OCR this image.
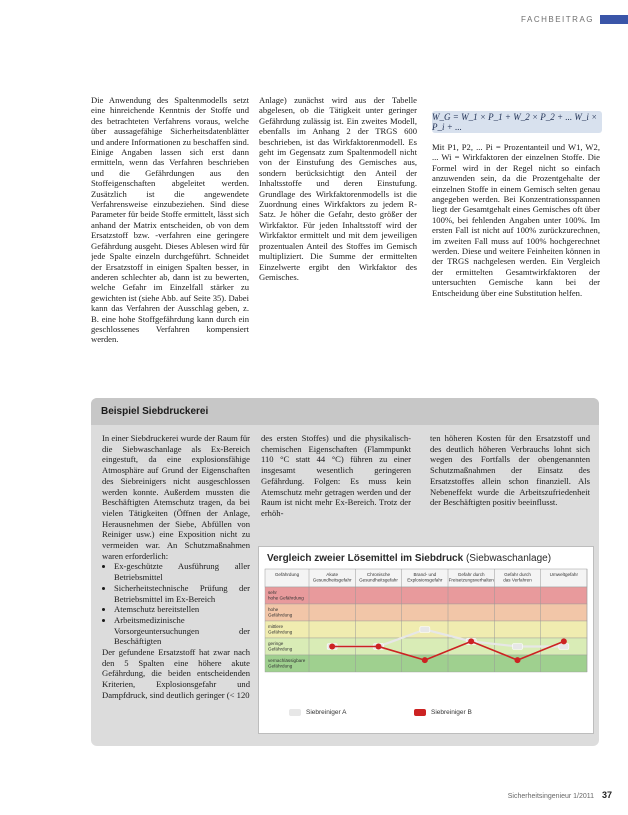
FACHBEITRAG

Die Anwendung des Spaltenmodells setzt eine hinreichende Kenntnis der Stoffe und des betrachteten Verfahrens voraus, welche über aussagefähige Sicherheitsdatenblätter und andere Informationen zu beschaffen sind. Einige Angaben lassen sich erst dann ermitteln, wenn das Verfahren beschrieben und die Gefährdungen aus den Stoffeigenschaften abgeleitet werden. Zusätzlich ist die angewendete Verfahrensweise einzubeziehen. Sind diese Parameter für beide Stoffe ermittelt, lässt sich anhand der Matrix entscheiden, ob von dem Ersatzstoff bzw. -verfahren eine geringere Gefährdung ausgeht. Dieses Ablesen wird für jede Spalte einzeln durchgeführt. Schneidet der Ersatzstoff in einigen Spalten besser, in anderen schlechter ab, dann ist zu bewerten, welche Gefahr im Einzelfall stärker zu gewichten ist (siehe Abb. auf Seite 35). Dabei kann das Verfahren der Ausschlag geben, z. B. eine hohe Stoffgefährdung kann durch ein geschlossenes Verfahren kompensiert werden.

Anlage) zunächst wird aus der Tabelle abgelesen, ob die Tätigkeit unter geringer Gefährdung zulässig ist. Ein zweites Modell, ebenfalls im Anhang 2 der TRGS 600 beschrieben, ist das Wirkfaktorenmodell. Es geht im Gegensatz zum Spaltenmodell nicht von der Einstufung des Gemisches aus, sondern berücksichtigt den Anteil der Inhaltsstoffe und deren Einstufung. Grundlage des Wirkfaktorenmodells ist die Zuordnung eines Wirkfaktors zu jedem R-Satz. Je höher die Gefahr, desto größer der Wirkfaktor. Für jeden Inhaltsstoff wird der Wirkfaktor ermittelt und mit dem jeweiligen prozentualen Anteil des Stoffes im Gemisch multipliziert. Die Summe der ermittelten Einzelwerte ergibt den Wirkfaktor des Gemisches.

W_G = W_1 × P_1 + W_2 × P_2 + ... W_i × P_i + ...

Mit P1, P2, ... Pi = Prozentanteil und W1, W2, ... Wi = Wirkfaktoren der einzelnen Stoffe. Die Formel wird in der Regel nicht so einfach anzuwenden sein, da die Prozentgehalte der einzelnen Stoffe in einem Gemisch selten genau angegeben werden. Bei Konzentrationsspannen liegt der Gesamtgehalt eines Gemisches oft über 100%, bei fehlenden Angaben unter 100%. Im ersten Fall ist nicht auf 100% zurückzurechnen, im zweiten Fall muss auf 100% hochgerechnet werden. Diese und weitere Feinheiten können in der TRGS nachgelesen werden. Ein Vergleich der ermittelten Gesamtwirkfaktoren der untersuchten Gemische kann bei der Entscheidung über eine Substitution helfen.

Beispiel Siebdruckerei

In einer Siebdruckerei wurde der Raum für die Siebwaschanlage als Ex-Bereich eingestuft, da eine explosionsfähige Atmosphäre auf Grund der Eigenschaften des Siebreinigers nicht ausgeschlossen werden konnte. Außerdem mussten die Beschäftigten Atemschutz tragen, da bei vielen Tätigkeiten (Öffnen der Anlage, Herausnehmen der Siebe, Abfüllen von Reiniger usw.) eine Exposition nicht zu vermeiden war. An Schutzmaßnahmen waren erforderlich:

• Ex-geschützte Ausführung aller Betriebsmittel
• Sicherheitstechnische Prüfung der Betriebsmittel im Ex-Bereich
• Atemschutz bereitstellen
• Arbeitsmedizinische Vorsorgeuntersuchungen der Beschäftigten

Der gefundene Ersatzstoff hat zwar nach den 5 Spalten eine höhere akute Gefährdung, die beiden entscheidenden Kriterien, Explosionsgefahr und Dampfdruck, sind deutlich geringer (< 120

des ersten Stoffes) und die physikalisch-chemischen Eigenschaften (Flammpunkt 110 °C statt 44 °C) führen zu einer insgesamt wesentlich geringeren Gefährdung. Folgen: Es muss kein Atemschutz mehr getragen werden und der Raum ist nicht mehr Ex-Bereich. Trotz der erhöh-

ten höheren Kosten für den Ersatzstoff und des deutlich höheren Verbrauchs lohnt sich wegen des Fortfalls der obengenannten Schutzmaßnahmen der Einsatz des Ersatzstoffes allein schon finanziell. Als Nebeneffekt wurde die Arbeitszufriedenheit der Beschäftigten positiv beeinflusst.

Vergleich zweier Lösemittel im Siebdruck (Siebwaschanlage)
Gefährdung	Akute Gesundheitsgefahr
Chronische Gesundheitsgefahr
Brand- und Explosionsgefahr
Gefahr durch Freisetzungsverhalten
Gefahr durch das Verfahren
Umweltgefahr
sehr hohe Gefährdung
hohe Gefährdung
mittlere Gefährdung
geringe Gefährdung
vernachlässigbare Gefährdung
Siebreiniger A	Siebreiniger B
Sicherheitsingenieur 1/2011 37
